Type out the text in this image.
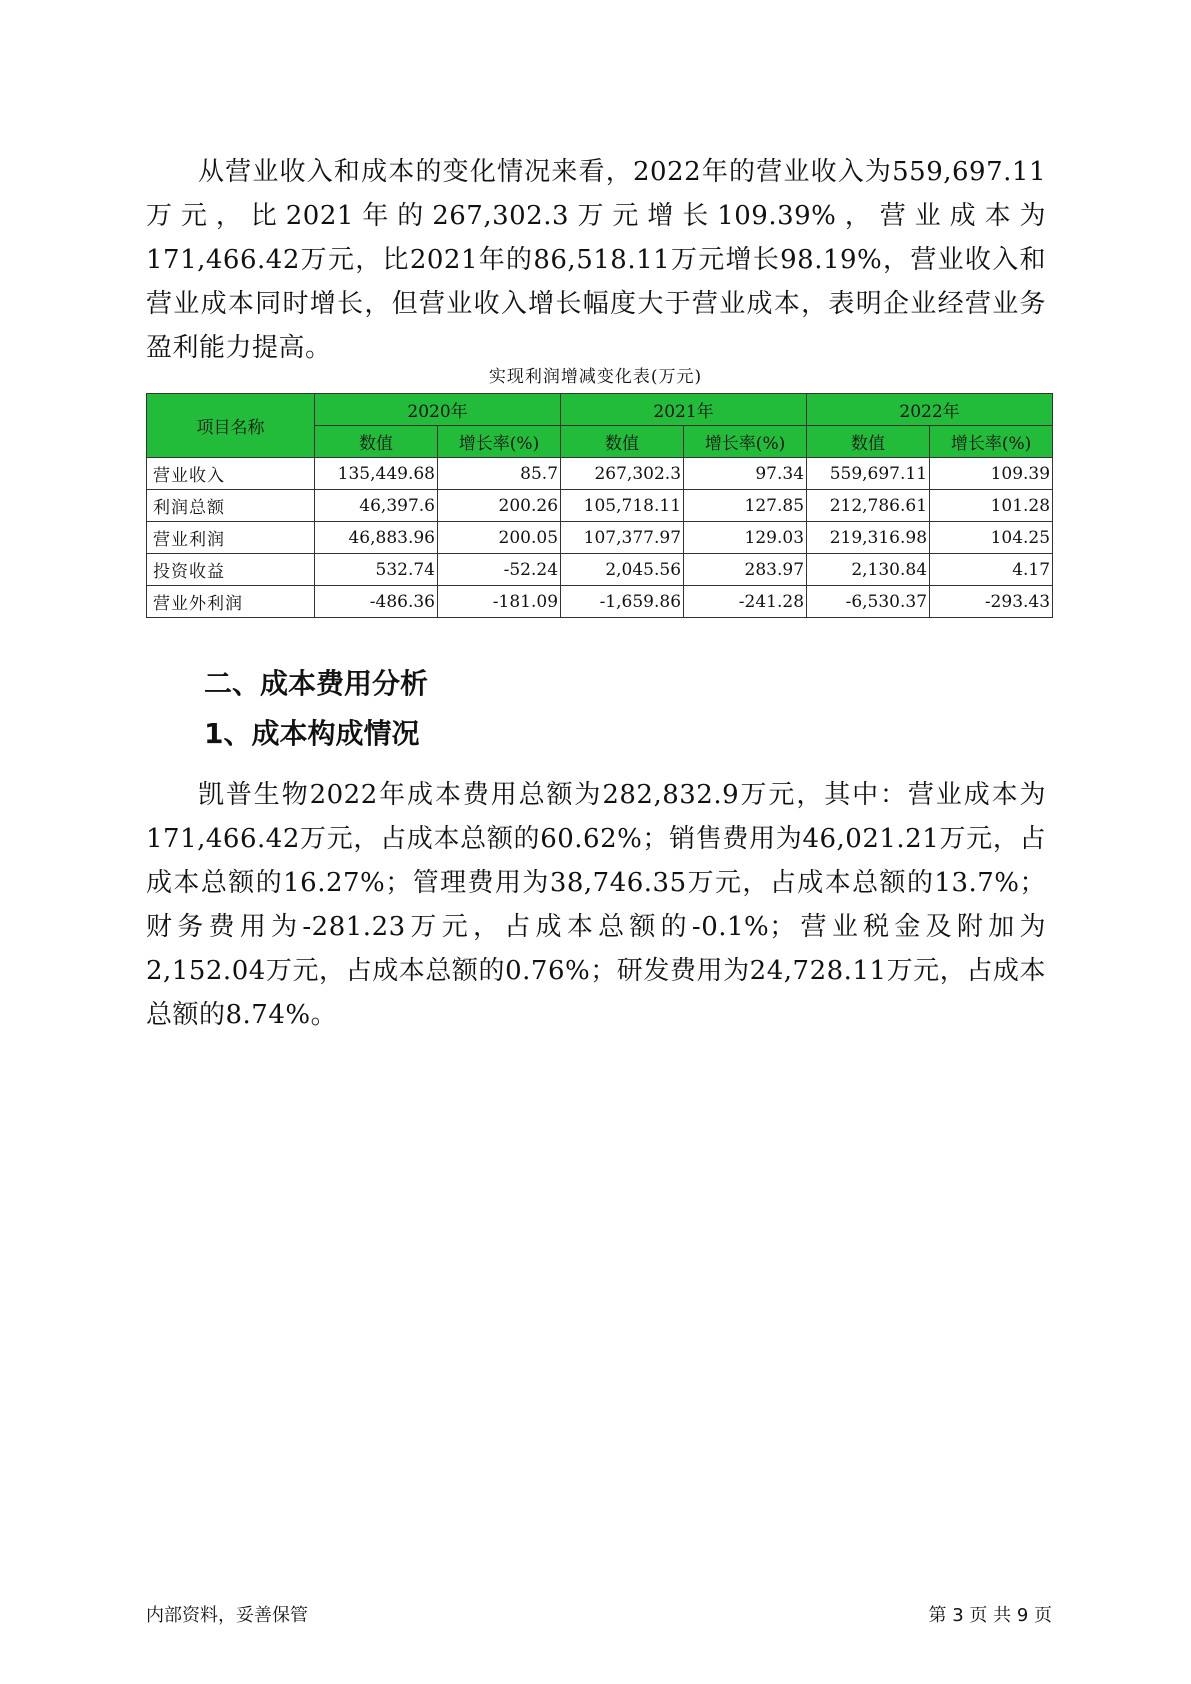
从营业收入和成本的变化情况来看，2022年的营业收入为559,697.11万元，比2021年的267,302.3万元增长109.39%，营业成本为171,466.42万元，比2021年的86,518.11万元增长98.19%，营业收入和营业成本同时增长，但营业收入增长幅度大于营业成本，表明企业经营业务盈利能力提高。

实现利润增减变化表(万元)
项目名称	2020年		2021年		2022年	
	数值	增长率(%)	数值	增长率(%)	数值	增长率(%)
营业收入	135,449.68	85.7	267,302.3	97.34	559,697.11	109.39
利润总额	46,397.6	200.26	105,718.11	127.85	212,786.61	101.28
营业利润	46,883.96	200.05	107,377.97	129.03	219,316.98	104.25
投资收益	532.74	-52.24	2,045.56	283.97	2,130.84	4.17
营业外利润	-486.36	-181.09	-1,659.86	-241.28	-6,530.37	-293.43
二、成本费用分析
1、成本构成情况

凯普生物2022年成本费用总额为282,832.9万元，其中：营业成本为171,466.42万元，占成本总额的60.62%；销售费用为46,021.21万元，占成本总额的16.27%；管理费用为38,746.35万元，占成本总额的13.7%；财务费用为-281.23万元，占成本总额的-0.1%；营业税金及附加为2,152.04万元，占成本总额的0.76%；研发费用为24,728.11万元，占成本总额的8.74%。

内部资料，妥善保管	第 3 页 共 9 页
